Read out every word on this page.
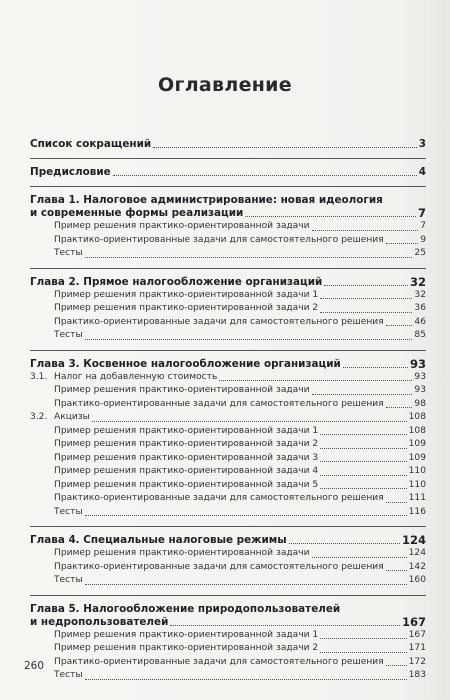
Оглавление
Список сокращений	3
Предисловие	4
Глава 1. Налоговое администрирование: новая идеология
и современные формы реализации	7
Пример решения практико-ориентированной задачи	7
Практико-ориентированные задачи для самостоятельного решения	9
Тесты	25
Глава 2. Прямое налогообложение организаций	32
Пример решения практико-ориентированной задачи 1	32
Пример решения практико-ориентированной задачи 2	36
Практико-ориентированные задачи для самостоятельного решения	46
Тесты	85
Глава 3. Косвенное налогообложение организаций	93
3.1. Налог на добавленную стоимость	93
Пример решения практико-ориентированной задачи	93
Практико-ориентированные задачи для самостоятельного решения	98
3.2. Акцизы	108
Пример решения практико-ориентированной задачи 1	108
Пример решения практико-ориентированной задачи 2	109
Пример решения практико-ориентированной задачи 3	109
Пример решения практико-ориентированной задачи 4	110
Пример решения практико-ориентированной задачи 5	110
Практико-ориентированные задачи для самостоятельного решения	111
Тесты	116
Глава 4. Специальные налоговые режимы	124
Пример решения практико-ориентированной задачи	124
Практико-ориентированные задачи для самостоятельного решения	142
Тесты	160
Глава 5. Налогообложение природопользователей
и недропользователей	167
Пример решения практико-ориентированной задачи 1	167
Пример решения практико-ориентированной задачи 2	171
Практико-ориентированные задачи для самостоятельного решения	172
Тесты	183
260
